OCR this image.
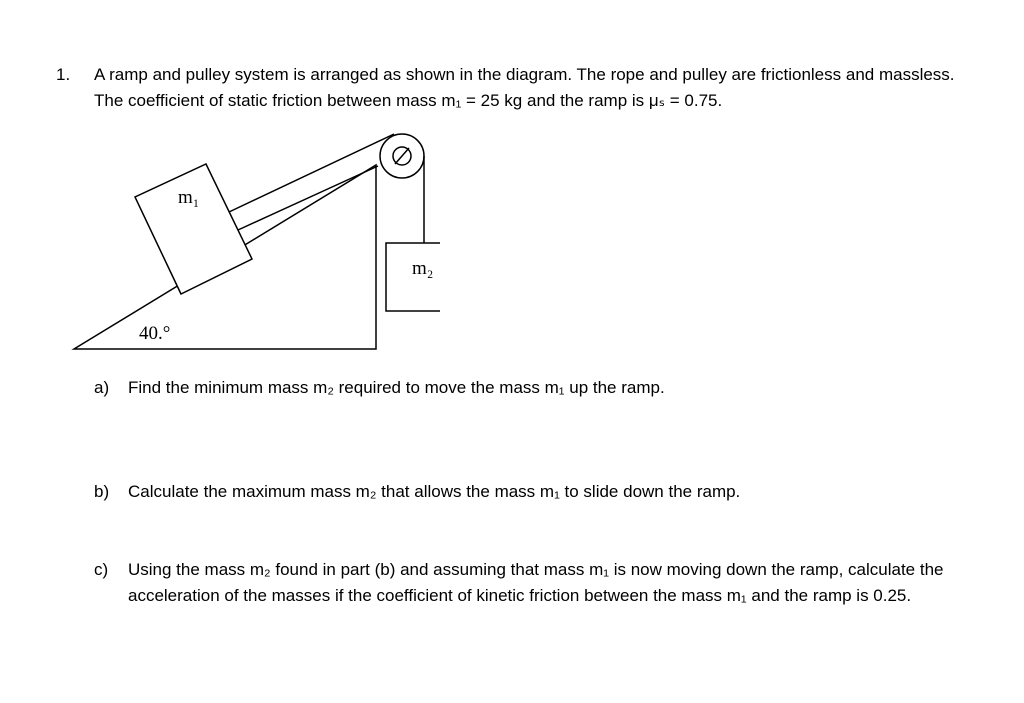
1. A ramp and pulley system is arranged as shown in the diagram. The rope and pulley are frictionless and massless. The coefficient of static friction between mass m₁ = 25 kg and the ramp is μₛ = 0.75.
m₁
m₂
40.°
a) Find the minimum mass m₂ required to move the mass m₁ up the ramp.
b) Calculate the maximum mass m₂ that allows the mass m₁ to slide down the ramp.
c) Using the mass m₂ found in part (b) and assuming that mass m₁ is now moving down the ramp, calculate the acceleration of the masses if the coefficient of kinetic friction between the mass m₁ and the ramp is 0.25.
